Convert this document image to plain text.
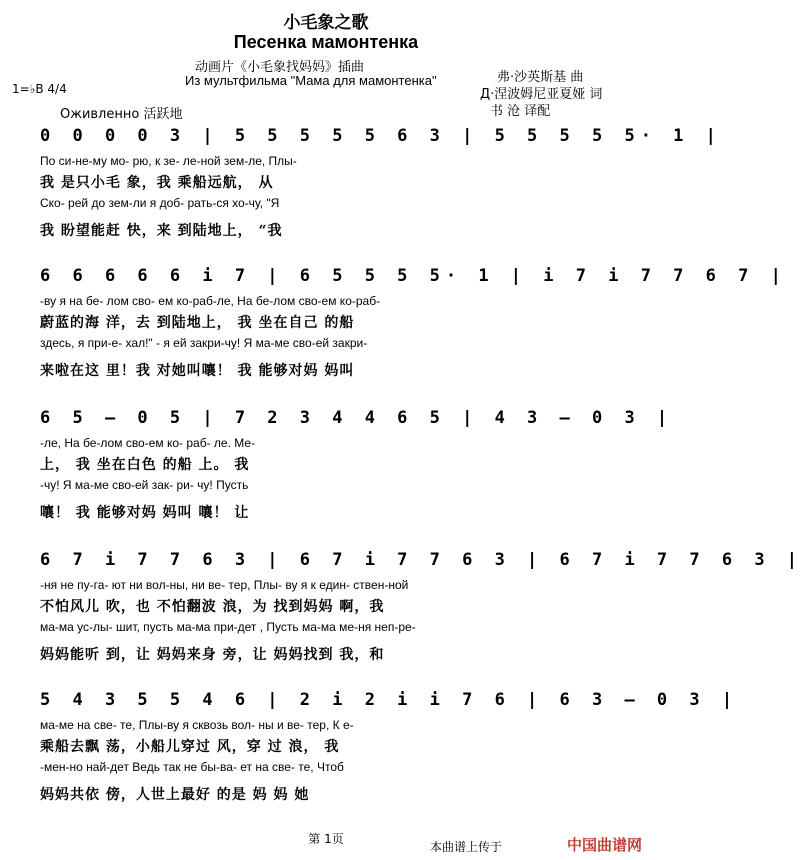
小毛象之歌
Песенка мамонтенка
动画片《小毛象找妈妈》插曲
Из мультфильма "Мама для мамонтенка"
1=♭B 4/4
Оживленно 活跃地
弗·沙英斯基 曲
Д·涅波姆尼亚夏娅 词
书 沧 译配
0 0 0 0 3 | 5 5 5 5 5 6 3 | 5 5 5 5 5· 1 |
По си-не-му мо- рю, к зе- ле-ной зем-ле, Плы-
我 是只小毛 象，我 乘船远航， 从
Ско- рей до зем-ли я доб- рать-ся хо-чу, "Я
我 盼望能赶 快，来 到陆地上， “我
6 6 6 6 6 i 7 | 6 5 5 5 5· 1 | i 7 i 7 7 6 7 |
-ву я на бе- лом сво- ем ко-раб-ле, На бе-лом сво-ем ко-раб-
蔚蓝的海 洋，去 到陆地上， 我 坐在自己 的船
здесь, я при-е- хал!" - я ей закри-чу! Я ма-ме сво-ей закри-
来啦在这 里！我 对她叫嚷！ 我 能够对妈 妈叫
6 5 – 0 5 | 7 2 3 4 4 6 5 | 4 3 – 0 3 |
-ле, На бе-лом сво-ем ко- раб- ле. Ме-
上， 我 坐在白色 的船 上。 我
-чу! Я ма-ме сво-ей зак- ри- чу! Пусть
嚷！ 我 能够对妈 妈叫 嚷！ 让
6 7 i 7 7 6 3 | 6 7 i 7 7 6 3 | 6 7 i 7 7 6 3 |
-ня не пу-га- ют ни вол-ны, ни ве- тер, Плы- ву я к един- ствен-ной
不怕风儿 吹，也 不怕翻波 浪，为 找到妈妈 啊，我
ма-ма ус-лы- шит, пусть ма-ма при-дет , Пусть ма-ма ме-ня неп-ре-
妈妈能听 到，让 妈妈来身 旁，让 妈妈找到 我，和
5 4 3 5 5 4 6 | 2 i 2 i i 7 6 | 6 3 – 0 3 |
ма-ме на све- те, Плы-ву я сквозь вол- ны и ве- тер, К е-
乘船去飘 荡，小船儿穿过 风，穿 过 浪， 我
-мен-но най-дет Ведь так не бы-ва- ет на све- те, Чтоб
妈妈共依 傍，人世上最好 的是 妈 妈 她
第 1页
本曲谱上传于	中国曲谱网
